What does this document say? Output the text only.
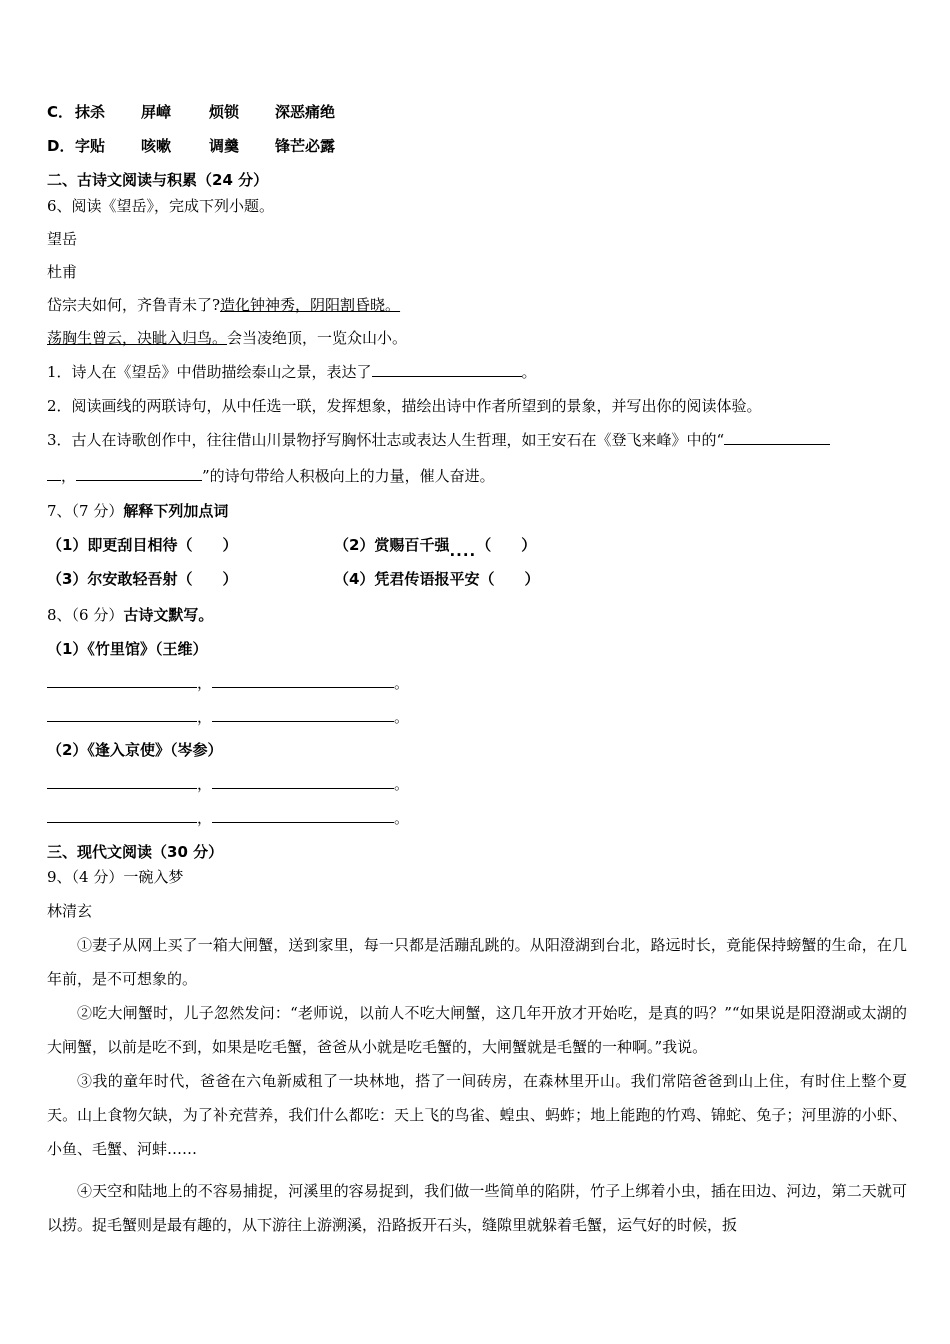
C． 抹杀 屏嶂	烦锁 深恶痛绝
D．字贴 咳嗽	调羹 锋芒必露
二、古诗文阅读与积累（24 分）
6、阅读《望岳》，完成下列小题。
望岳
杜甫
岱宗夫如何，齐鲁青未了?造化钟神秀，阴阳割昏晓。
荡胸生曾云，决眦入归鸟。会当凌绝顶，一览众山小。
1．诗人在《望岳》中借助描绘泰山之景，表达了	。
2．阅读画线的两联诗句，从中任选一联，发挥想象，描绘出诗中作者所望到的景象，并写出你的阅读体验。
3．古人在诗歌创作中，往往借山川景物抒写胸怀壮志或表达人生哲理，如王安石在《登飞来峰》中的“
，	”的诗句带给人积极向上的力量，催人奋进。
7、（7 分）解释下列加点词
（1）即更刮目相待（　　）	（2）赏赐百千强....（　　）
（3）尔安敢轻吾射（　　）	（4）凭君传语报平安（　　）
8、（6 分）古诗文默写。
（1）《竹里馆》（王维）
，	。
，	。
（2）《逢入京使》（岑参）
，	。
，	。
三、现代文阅读（30 分）
9、（4 分）一碗入梦
林清玄
①妻子从网上买了一箱大闸蟹，送到家里，每一只都是活蹦乱跳的。从阳澄湖到台北，路远时长，竟能保持螃蟹的生命，在几年前，是不可想象的。
②吃大闸蟹时，儿子忽然发问：“老师说，以前人不吃大闸蟹，这几年开放才开始吃，是真的吗？”“如果说是阳澄湖或太湖的大闸蟹，以前是吃不到，如果是吃毛蟹，爸爸从小就是吃毛蟹的，大闸蟹就是毛蟹的一种啊。”我说。
③我的童年时代，爸爸在六龟新威租了一块林地，搭了一间砖房，在森林里开山。我们常陪爸爸到山上住，有时住上整个夏天。山上食物欠缺，为了补充营养，我们什么都吃：天上飞的鸟雀、蝗虫、蚂蚱；地上能跑的竹鸡、锦蛇、兔子；河里游的小虾、小鱼、毛蟹、河蚌……
④天空和陆地上的不容易捕捉，河溪里的容易捉到，我们做一些简单的陷阱，竹子上绑着小虫，插在田边、河边，第二天就可以捞。捉毛蟹则是最有趣的，从下游往上游溯溪，沿路扳开石头，缝隙里就躲着毛蟹，运气好的时候，扳
